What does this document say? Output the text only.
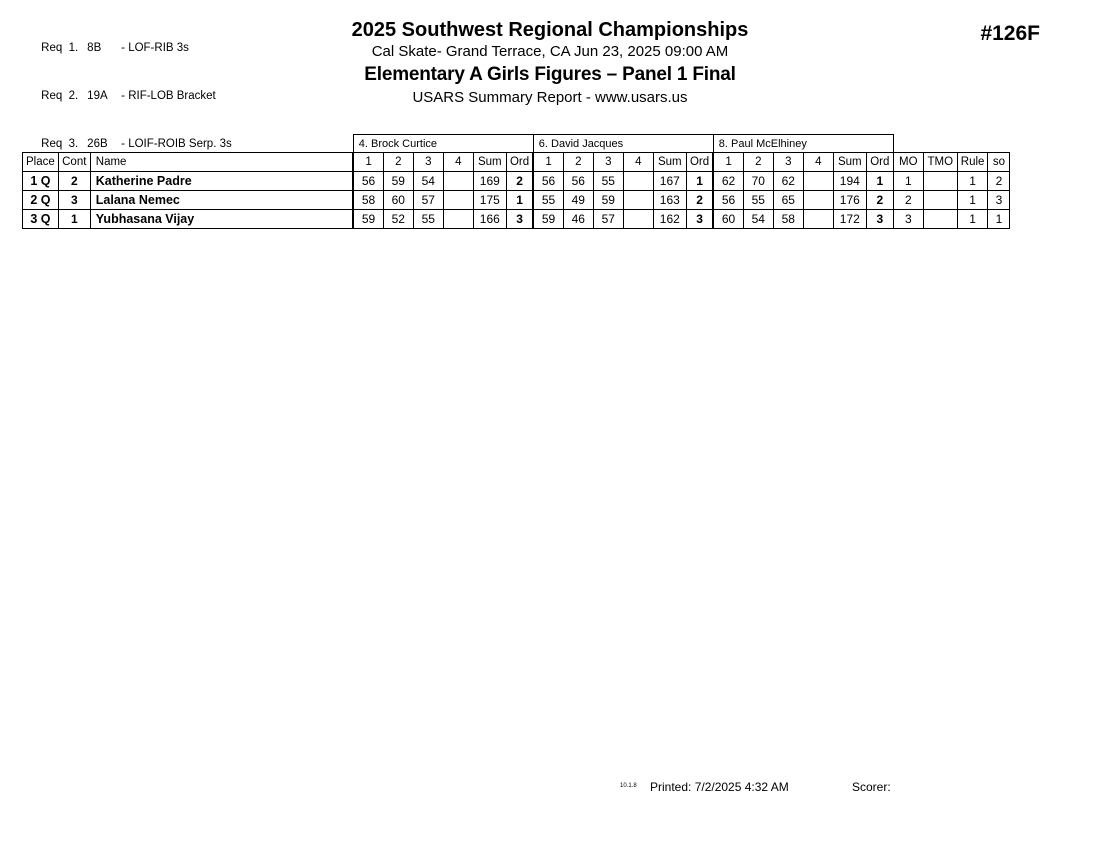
Req  1. 8B - LOF-RIB 3s

Req  2. 19A - RIF-LOB Bracket

Req  3. 26B - LOIF-ROIB Serp. 3s

2025 Southwest Regional Championships
Cal Skate- Grand Terrace, CA Jun 23, 2025 09:00 AM
Elementary A Girls Figures – Panel 1 Final
USARS Summary Report - www.usars.us
#126F
			4. Brock Curtice						6. David Jacques						8. Paul McElhiney									
Place	Cont	Name	1	2	3	4	Sum	Ord	1	2	3	4	Sum	Ord	1	2	3	4	Sum	Ord	MO	TMO	Rule	so
1 Q	2	Katherine Padre	56	59	54		169	2	56	56	55		167	1	62	70	62		194	1	1		1	2
2 Q	3	Lalana Nemec	58	60	57		175	1	55	49	59		163	2	56	55	65		176	2	2		1	3
3 Q	1	Yubhasana Vijay	59	52	55		166	3	59	46	57		162	3	60	54	58		172	3	3		1	1
10.1.8 Printed: 7/2/2025 4:32 AM	Scorer:
